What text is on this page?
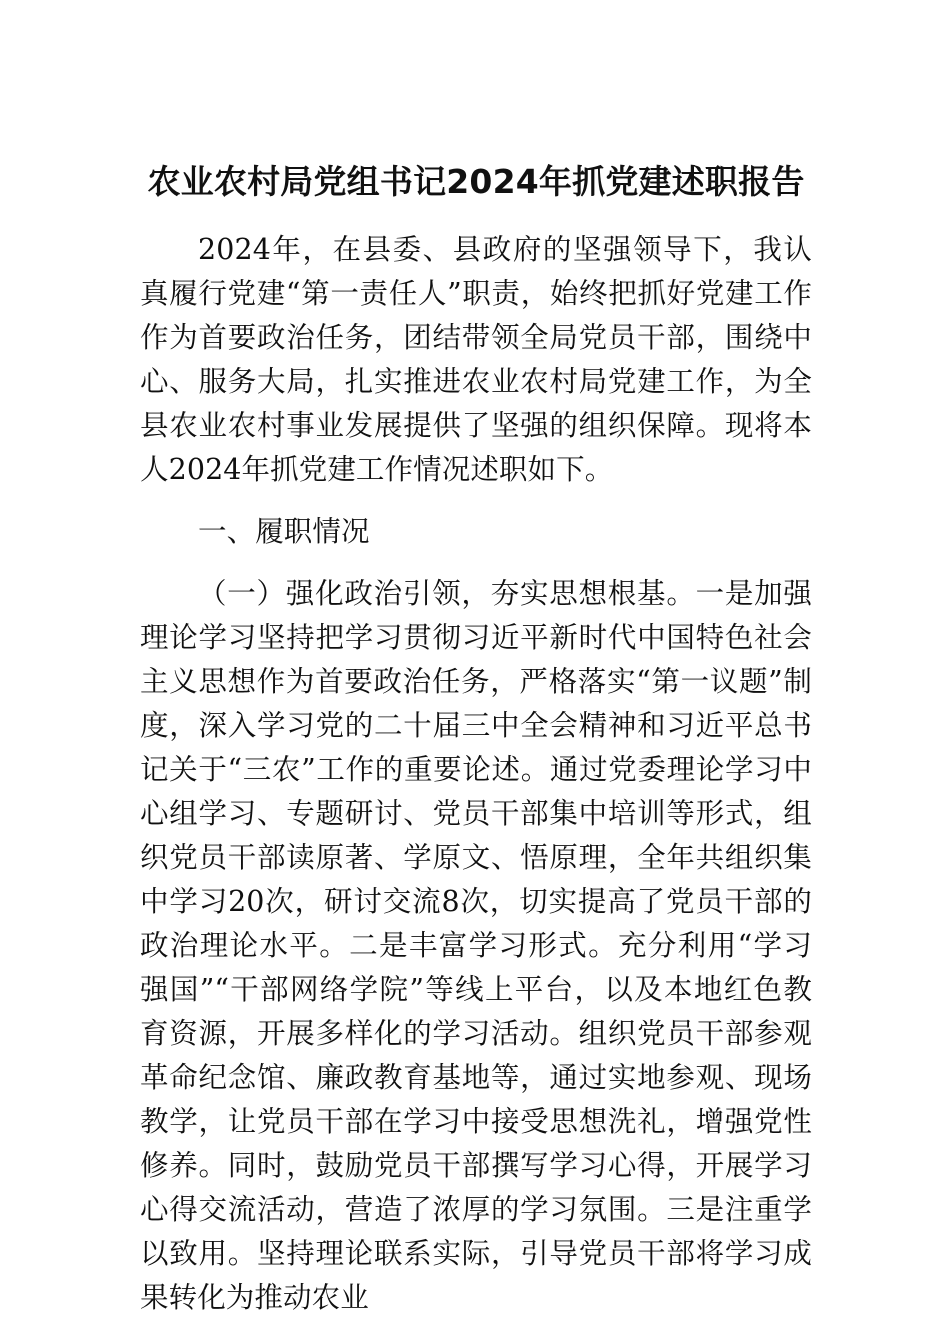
农业农村局党组书记2024年抓党建述职报告

2024年，在县委、县政府的坚强领导下，我认真履行党建“第一责任人”职责，始终把抓好党建工作作为首要政治任务，团结带领全局党员干部，围绕中心、服务大局，扎实推进农业农村局党建工作，为全县农业农村事业发展提供了坚强的组织保障。现将本人2024年抓党建工作情况述职如下。

一、履职情况

（一）强化政治引领，夯实思想根基。一是加强理论学习坚持把学习贯彻习近平新时代中国特色社会主义思想作为首要政治任务，严格落实“第一议题”制度，深入学习党的二十届三中全会精神和习近平总书记关于“三农”工作的重要论述。通过党委理论学习中心组学习、专题研讨、党员干部集中培训等形式，组织党员干部读原著、学原文、悟原理，全年共组织集中学习20次，研讨交流8次，切实提高了党员干部的政治理论水平。二是丰富学习形式。充分利用“学习强国”“干部网络学院”等线上平台，以及本地红色教育资源，开展多样化的学习活动。组织党员干部参观革命纪念馆、廉政教育基地等，通过实地参观、现场教学，让党员干部在学习中接受思想洗礼，增强党性修养。同时，鼓励党员干部撰写学习心得，开展学习心得交流活动，营造了浓厚的学习氛围。三是注重学以致用。坚持理论联系实际，引导党员干部将学习成果转化为推动农业
